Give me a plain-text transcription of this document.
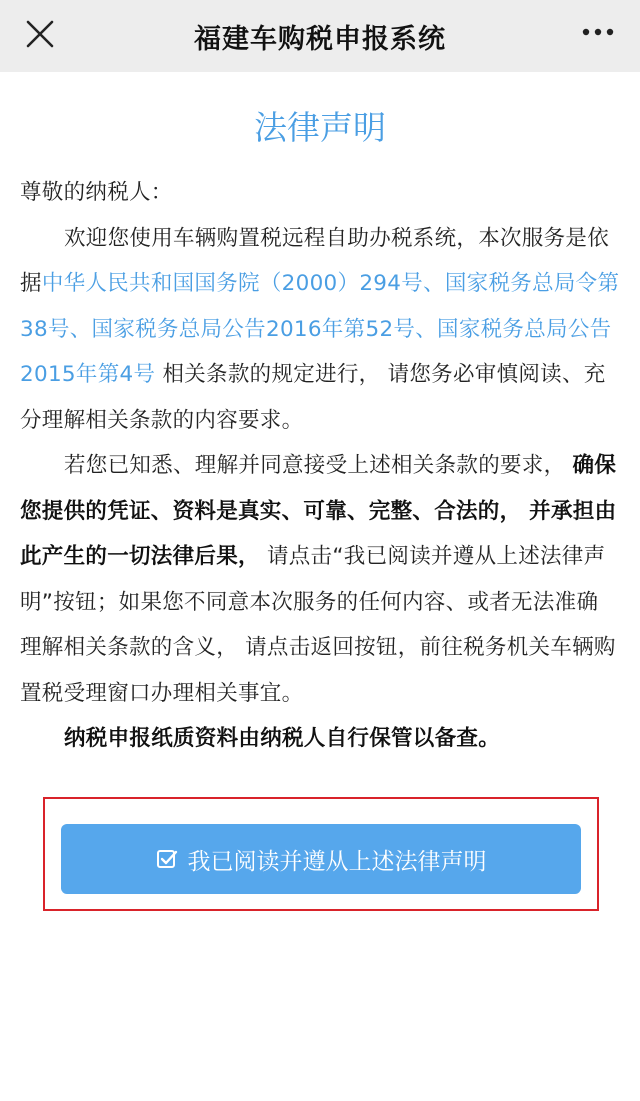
福建车购税申报系统
法律声明

尊敬的纳税人：

欢迎您使用车辆购置税远程自助办税系统，本次服务是依据中华人民共和国国务院（2000）294号、国家税务总局令第38号、国家税务总局公告2016年第52号、国家税务总局公告2015年第4号 相关条款的规定进行， 请您务必审慎阅读、充分理解相关条款的内容要求。

若您已知悉、理解并同意接受上述相关条款的要求， 确保您提供的凭证、资料是真实、可靠、完整、合法的， 并承担由此产生的一切法律后果， 请点击“我已阅读并遵从上述法律声明”按钮；如果您不同意本次服务的任何内容、或者无法准确理解相关条款的含义， 请点击返回按钮，前往税务机关车辆购置税受理窗口办理相关事宜。

纳税申报纸质资料由纳税人自行保管以备查。

我已阅读并遵从上述法律声明
